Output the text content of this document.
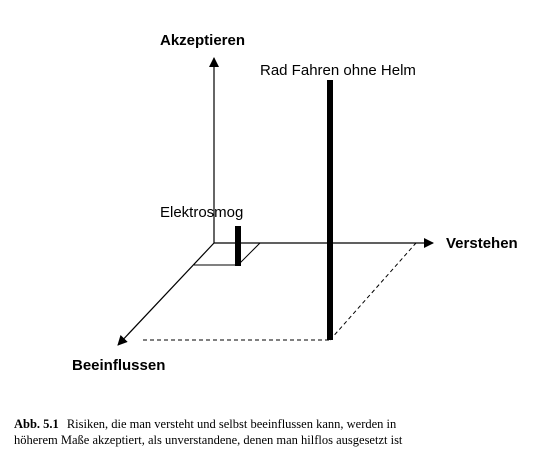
Akzeptieren
Verstehen
Beeinflussen
Rad Fahren ohne Helm
Elektrosmog
Abb. 5.1 Risiken, die man versteht und selbst beeinflussen kann, werden in
höherem Maße akzeptiert, als unverstandene, denen man hilflos ausgesetzt ist
